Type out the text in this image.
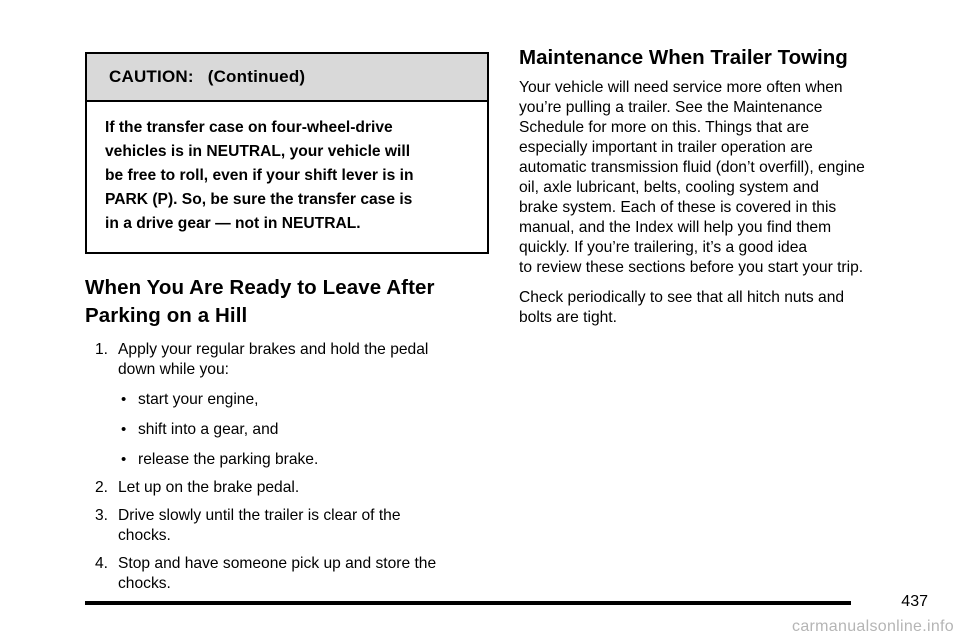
CAUTION: (Continued)
If the transfer case on four-wheel-drive
vehicles is in NEUTRAL, your vehicle will
be free to roll, even if your shift lever is in
PARK (P). So, be sure the transfer case is
in a drive gear — not in NEUTRAL.
When You Are Ready to Leave After
Parking on a Hill
1. Apply your regular brakes and hold the pedal
down while you:
• start your engine,
• shift into a gear, and
• release the parking brake.
2. Let up on the brake pedal.
3. Drive slowly until the trailer is clear of the
chocks.
4. Stop and have someone pick up and store the
chocks.
Maintenance When Trailer Towing
Your vehicle will need service more often when
you’re pulling a trailer. See the Maintenance
Schedule for more on this. Things that are
especially important in trailer operation are
automatic transmission fluid (don’t overfill), engine
oil, axle lubricant, belts, cooling system and
brake system. Each of these is covered in this
manual, and the Index will help you find them
quickly. If you’re trailering, it’s a good idea
to review these sections before you start your trip.
Check periodically to see that all hitch nuts and
bolts are tight.
437
carmanualsonline.info
